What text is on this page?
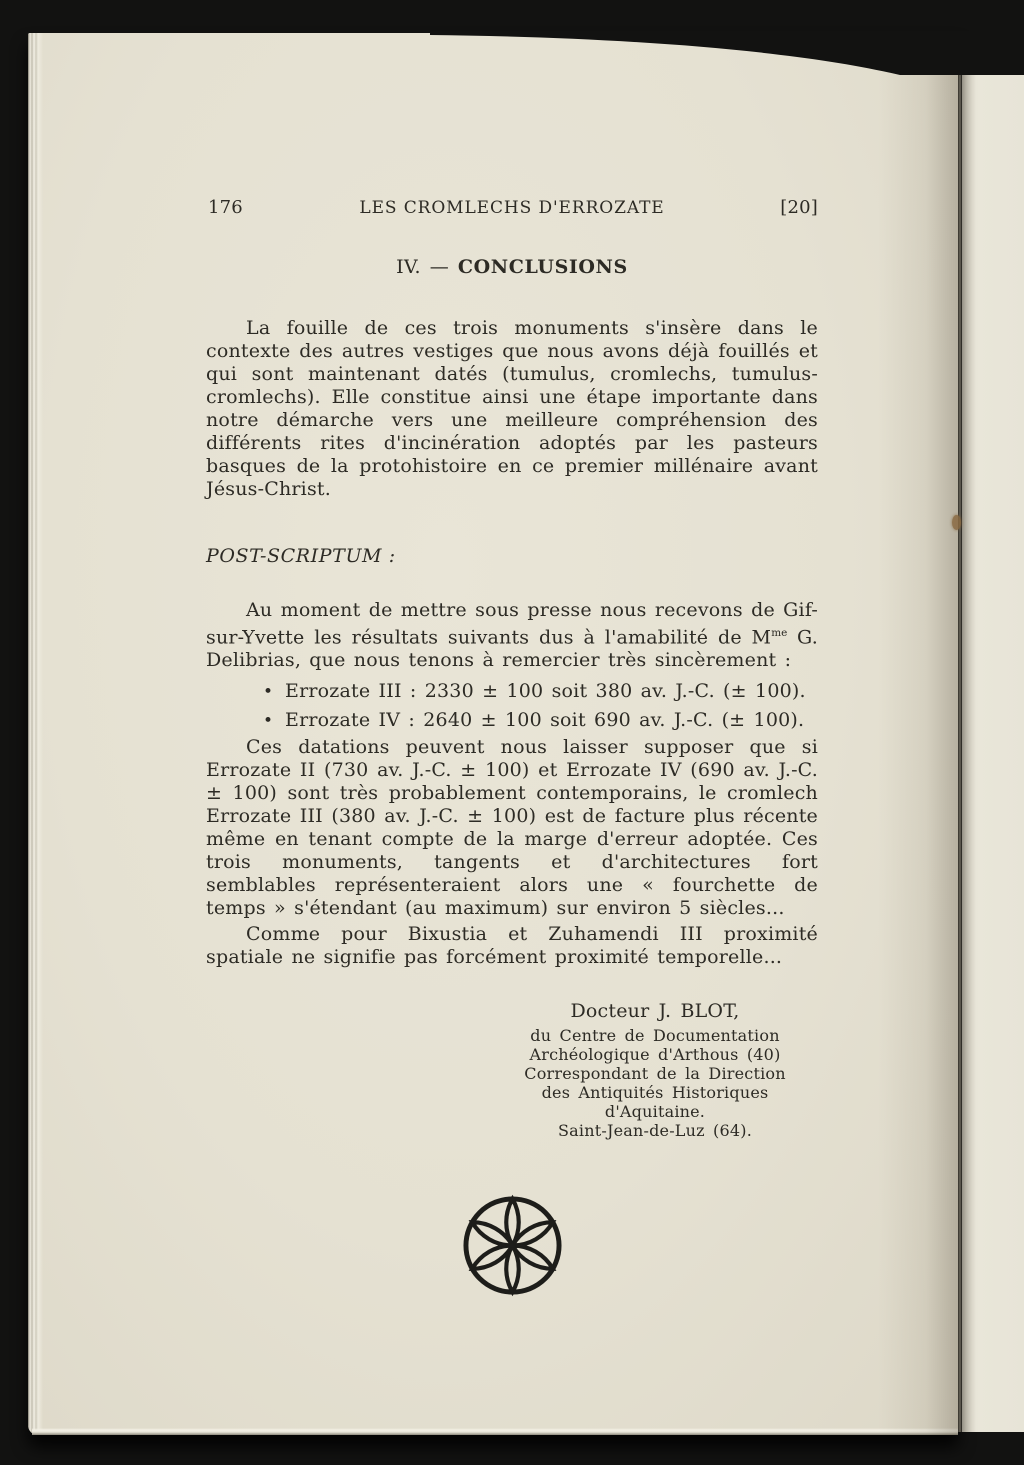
176	LES CROMLECHS D'ERROZATE	[20]
IV. — CONCLUSIONS

La fouille de ces trois monuments s'insère dans le contexte des autres vestiges que nous avons déjà fouillés et qui sont maintenant datés (tumulus, cromlechs, tumulus-cromlechs). Elle constitue ainsi une étape importante dans notre démarche vers une meilleure compréhension des différents rites d'incinération adoptés par les pasteurs basques de la protohistoire en ce premier millénaire avant Jésus-Christ.

POST-SCRIPTUM :

Au moment de mettre sous presse nous recevons de Gif-sur-Yvette les résultats suivants dus à l'amabilité de $M^{me}$ G. Delibrias, que nous tenons à remercier très sincèrement :

• Errozate III : 2330 ± 100 soit 380 av. J.-C. (± 100).
• Errozate IV : 2640 ± 100 soit 690 av. J.-C. (± 100).

Ces datations peuvent nous laisser supposer que si Errozate II (730 av. J.-C. ± 100) et Errozate IV (690 av. J.-C. ± 100) sont très probablement contemporains, le cromlech Errozate III (380 av. J.-C. ± 100) est de facture plus récente même en tenant compte de la marge d'erreur adoptée. Ces trois monuments, tangents et d'architectures fort semblables représenteraient alors une « fourchette de temps » s'étendant (au maximum) sur environ 5 siècles...

Comme pour Bixustia et Zuhamendi III proximité spatiale ne signifie pas forcément proximité temporelle...

Docteur J. BLOT,
du Centre de Documentation
Archéologique d'Arthous (40)
Correspondant de la Direction
des Antiquités Historiques
d'Aquitaine.
Saint-Jean-de-Luz (64).
